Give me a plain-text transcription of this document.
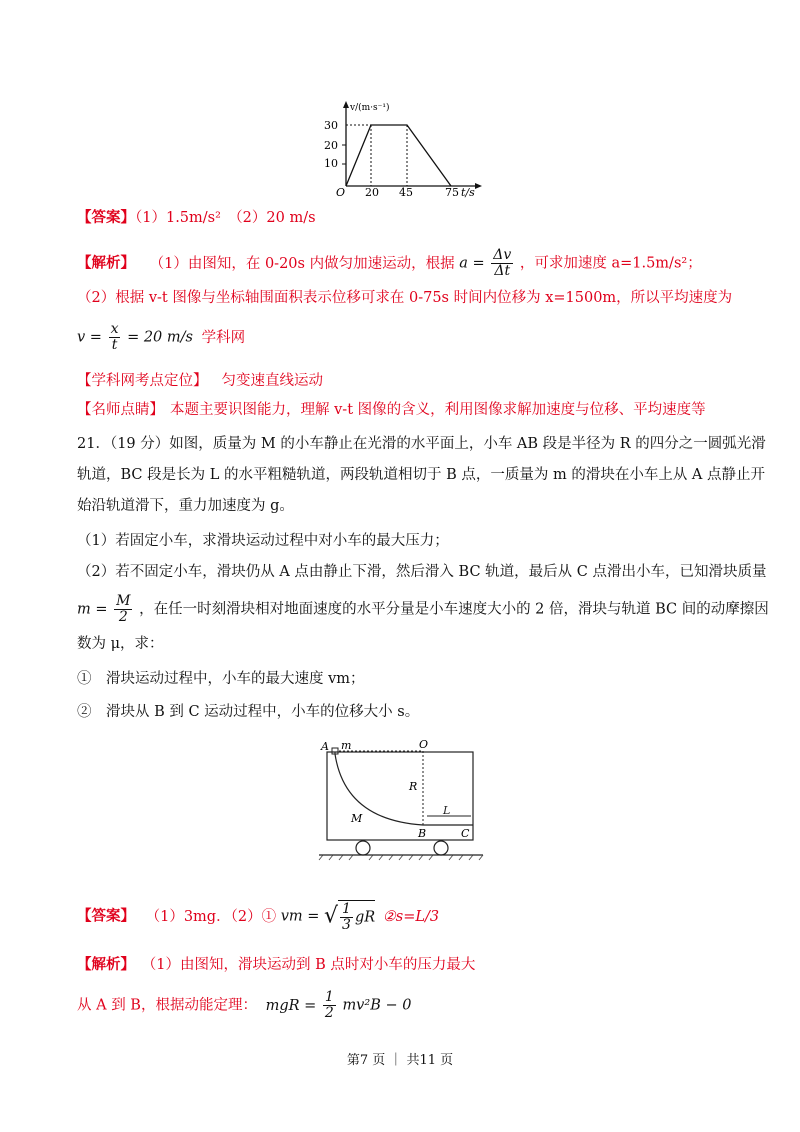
v/(m·s⁻¹)
30
20
10
O 20 45	75 t/s
【答案】（1）1.5m/s²　（2）20 m/s
【解析】 （1）由图知，在 0-20s 内做匀加速运动，根据 $a = \frac{\Delta v}{\Delta t}$ ，可求加速度 a=1.5m/s²；
（2）根据 v-t 图像与坐标轴围面积表示位移可求在 0-75s 时间内位移为 x=1500m，所以平均速度为
$v = \frac{x}{t} = 20$ m/s 学科网
【学科网考点定位】 匀变速直线运动
【名师点睛】 本题主要识图能力，理解 v-t 图像的含义，利用图像求解加速度与位移、平均速度等
21．（19 分）如图，质量为 M 的小车静止在光滑的水平面上，小车 AB 段是半径为 R 的四分之一圆弧光滑
轨道，BC 段是长为 L 的水平粗糙轨道，两段轨道相切于 B 点，一质量为 m 的滑块在小车上从 A 点静止开
始沿轨道滑下，重力加速度为 g。
（1）若固定小车，求滑块运动过程中对小车的最大压力；
（2）若不固定小车，滑块仍从 A 点由静止下滑，然后滑入 BC 轨道，最后从 C 点滑出小车，已知滑块质量
$m = \frac{M}{2}$ ，在任一时刻滑块相对地面速度的水平分量是小车速度大小的 2 倍，滑块与轨道 BC 间的动摩擦因
数为 μ，求：
①　滑块运动过程中，小车的最大速度 vm；
②　滑块从 B 到 C 运动过程中，小车的位移大小 s。
A m	O
R
M
B	C
L
【答案】 （1）3mg．（2）① vm = √ $\frac{1}{3}$ gR ②s=L/3
【解析】 （1）由图知，滑块运动到 B 点时对小车的压力最大
从 A 到 B，根据动能定理： mgR = $\frac{1}{2} mv^2B - 0$
第7 页 ｜ 共11 页
